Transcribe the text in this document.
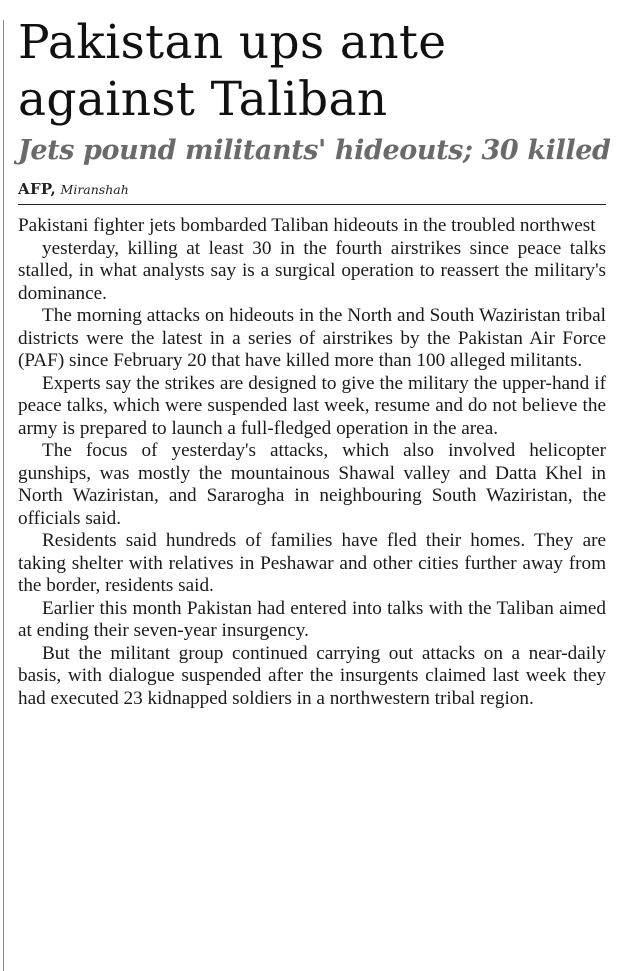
Pakistan ups ante
against Taliban
Jets pound militants' hideouts; 30 killed
AFP, Miranshah

Pakistani fighter jets bombarded Taliban hideouts in the troubled northwest

yesterday, killing at least 30 in the fourth airstrikes since peace talks stalled, in what analysts say is a surgical operation to reassert the military's dominance.

The morning attacks on hideouts in the North and South Waziristan tribal districts were the latest in a series of airstrikes by the Pakistan Air Force (PAF) since February 20 that have killed more than 100 alleged militants.

Experts say the strikes are designed to give the military the upper-hand if peace talks, which were suspended last week, resume and do not believe the army is prepared to launch a full-fledged operation in the area.

The focus of yesterday's attacks, which also involved helicopter gunships, was mostly the mountainous Shawal valley and Datta Khel in North Waziristan, and Sararogha in neighbouring South Waziristan, the officials said.

Residents said hundreds of families have fled their homes. They are taking shelter with relatives in Peshawar and other cities further away from the border, residents said.

Earlier this month Pakistan had entered into talks with the Taliban aimed at ending their seven-year insurgency.

But the militant group continued carrying out attacks on a near-daily basis, with dialogue suspended after the insurgents claimed last week they had executed 23 kidnapped soldiers in a northwestern tribal region.
